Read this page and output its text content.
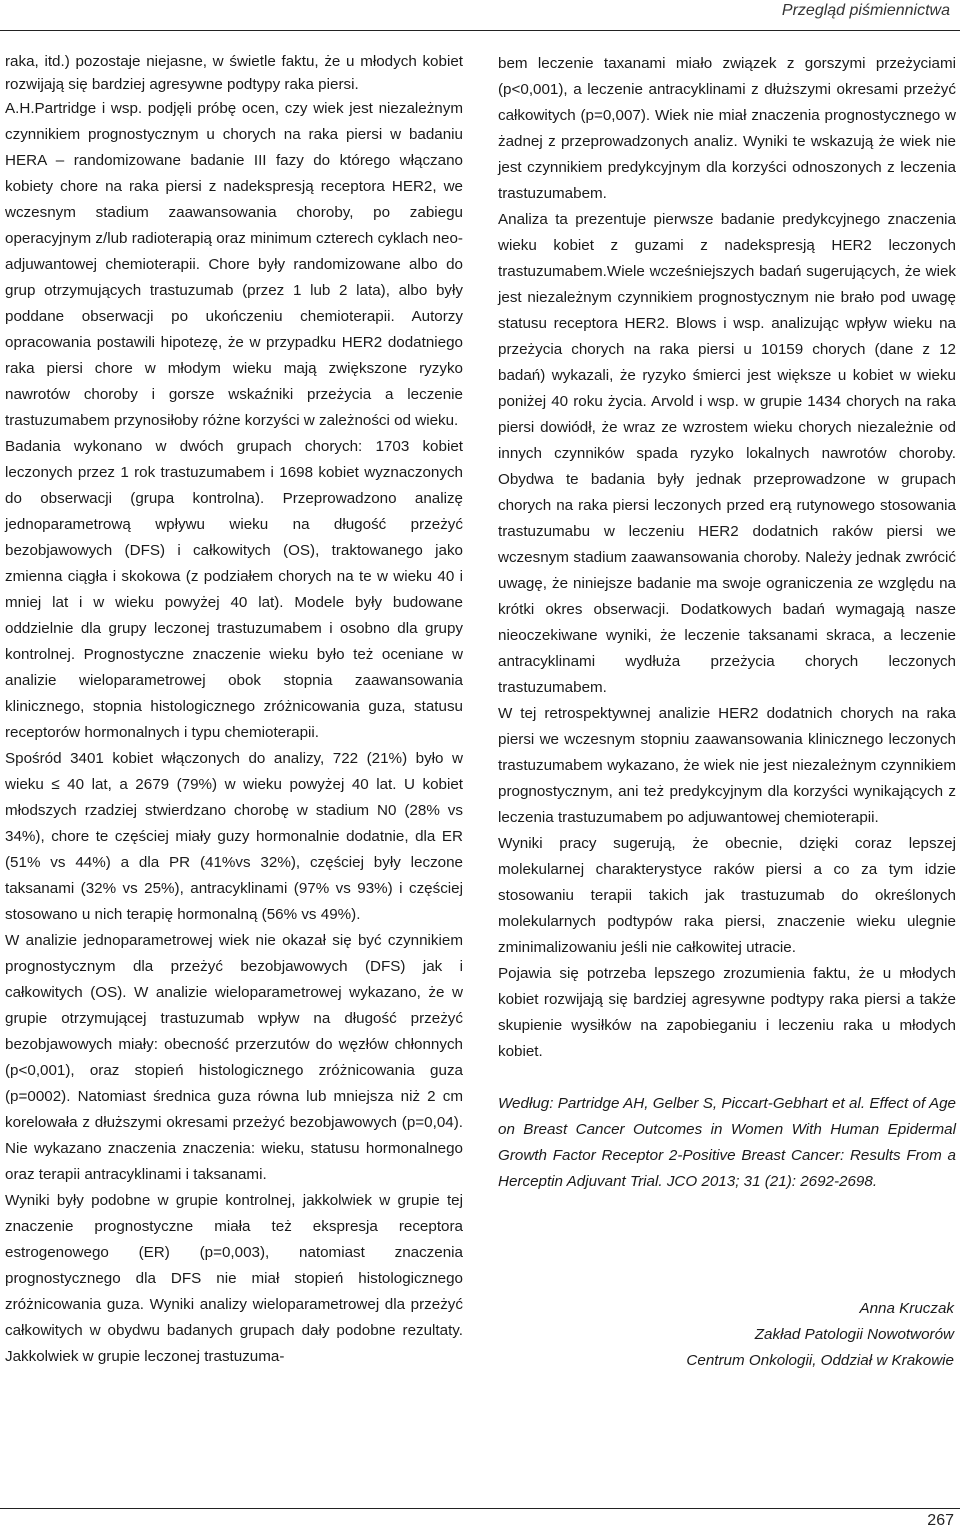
Przegląd piśmiennictwa

raka, itd.) pozostaje niejasne, w świetle faktu, że u młodych kobiet rozwijają się bardziej agresywne podtypy raka piersi.

A.H.Partridge i wsp. podjęli próbę ocen, czy wiek jest niezależnym czynnikiem prognostycznym u chorych na raka piersi w badaniu HERA – randomizowane badanie III fazy do którego włączano kobiety chore na raka piersi z nadekspresją receptora HER2, we wczesnym stadium zaawansowania choroby, po zabiegu operacyjnym z/lub radioterapią oraz minimum czterech cyklach neo-adjuwantowej chemioterapii. Chore były randomizowane albo do grup otrzymujących trastuzumab (przez 1 lub 2 lata), albo były poddane obserwacji po ukończeniu chemioterapii. Autorzy opracowania postawili hipotezę, że w przypadku HER2 dodatniego raka piersi chore w młodym wieku mają zwiększone ryzyko nawrotów choroby i gorsze wskaźniki przeżycia a leczenie trastuzumabem przynosiłoby różne korzyści w zależności od wieku.

Badania wykonano w dwóch grupach chorych: 1703 kobiet leczonych przez 1 rok trastuzumabem i 1698 kobiet wyznaczonych do obserwacji (grupa kontrolna). Przeprowadzono analizę jednoparametrową wpływu wieku na długość przeżyć bezobjawowych (DFS) i całkowitych (OS), traktowanego jako zmienna ciągła i skokowa (z podziałem chorych na te w wieku 40 i mniej lat i w wieku powyżej 40 lat). Modele były budowane oddzielnie dla grupy leczonej trastuzumabem i osobno dla grupy kontrolnej. Prognostyczne znaczenie wieku było też oceniane w analizie wieloparametrowej obok stopnia zaawansowania klinicznego, stopnia histologicznego zróżnicowania guza, statusu receptorów hormonalnych i typu chemioterapii.

Spośród 3401 kobiet włączonych do analizy, 722 (21%) było w wieku ≤ 40 lat, a 2679 (79%) w wieku powyżej 40 lat. U kobiet młodszych rzadziej stwierdzano chorobę w stadium N0 (28% vs 34%), chore te częściej miały guzy hormonalnie dodatnie, dla ER (51% vs 44%) a dla PR (41%vs 32%), częściej były leczone taksanami (32% vs 25%), antracyklinami (97% vs 93%) i częściej stosowano u nich terapię hormonalną (56% vs 49%).

W analizie jednoparametrowej wiek nie okazał się być czynnikiem prognostycznym dla przeżyć bezobjawowych (DFS) jak i całkowitych (OS). W analizie wieloparametrowej wykazano, że w grupie otrzymującej trastuzumab wpływ na długość przeżyć bezobjawowych miały: obecność przerzutów do węzłów chłonnych (p<0,001), oraz stopień histologicznego zróżnicowania guza (p=0002). Natomiast średnica guza równa lub mniejsza niż 2 cm korelowała z dłuższymi okresami przeżyć bezobjawowych (p=0,04). Nie wykazano znaczenia znaczenia: wieku, statusu hormonalnego oraz terapii antracyklinami i taksanami.

Wyniki były podobne w grupie kontrolnej, jakkolwiek w grupie tej znaczenie prognostyczne miała też ekspresja receptora estrogenowego (ER) (p=0,003), natomiast znaczenia prognostycznego dla DFS nie miał stopień histologicznego zróżnicowania guza. Wyniki analizy wieloparametrowej dla przeżyć całkowitych w obydwu badanych grupach dały podobne rezultaty. Jakkolwiek w grupie leczonej trastuzuma-

bem leczenie taxanami miało związek z gorszymi przeżyciami (p<0,001), a leczenie antracyklinami z dłuższymi okresami przeżyć całkowitych (p=0,007). Wiek nie miał znaczenia prognostycznego w żadnej z przeprowadzonych analiz. Wyniki te wskazują że wiek nie jest czynnikiem predykcyjnym dla korzyści odnoszonych z leczenia trastuzumabem.

Analiza ta prezentuje pierwsze badanie predykcyjnego znaczenia wieku kobiet z guzami z nadekspresją HER2 leczonych trastuzumabem.Wiele wcześniejszych badań sugerujących, że wiek jest niezależnym czynnikiem prognostycznym nie brało pod uwagę statusu receptora HER2. Blows i wsp. analizując wpływ wieku na przeżycia chorych na raka piersi u 10159 chorych (dane z 12 badań) wykazali, że ryzyko śmierci jest większe u kobiet w wieku poniżej 40 roku życia. Arvold i wsp. w grupie 1434 chorych na raka piersi dowiódł, że wraz ze wzrostem wieku chorych niezależnie od innych czynników spada ryzyko lokalnych nawrotów choroby. Obydwa te badania były jednak przeprowadzone w grupach chorych na raka piersi leczonych przed erą rutynowego stosowania trastuzumabu w leczeniu HER2 dodatnich raków piersi we wczesnym stadium zaawansowania choroby. Należy jednak zwrócić uwagę, że niniejsze badanie ma swoje ograniczenia ze względu na krótki okres obserwacji. Dodatkowych badań wymagają nasze nieoczekiwane wyniki, że leczenie taksanami skraca, a leczenie antracyklinami wydłuża przeżycia chorych leczonych trastuzumabem.

W tej retrospektywnej analizie HER2 dodatnich chorych na raka piersi we wczesnym stopniu zaawansowania klinicznego leczonych trastuzumabem wykazano, że wiek nie jest niezależnym czynnikiem prognostycznym, ani też predykcyjnym dla korzyści wynikających z leczenia trastuzumabem po adjuwantowej chemioterapii.

Wyniki pracy sugerują, że obecnie, dzięki coraz lepszej molekularnej charakterystyce raków piersi a co za tym idzie stosowaniu terapii takich jak trastuzumab do określonych molekularnych podtypów raka piersi, znaczenie wieku ulegnie zminimalizowaniu jeśli nie całkowitej utracie.

Pojawia się potrzeba lepszego zrozumienia faktu, że u młodych kobiet rozwijają się bardziej agresywne podtypy raka piersi a także skupienie wysiłków na zapobieganiu i leczeniu raka u młodych kobiet.

Według: Partridge AH, Gelber S, Piccart-Gebhart et al. Effect of Age on Breast Cancer Outcomes in Women With Human Epidermal Growth Factor Receptor 2-Positive Breast Cancer: Results From a Herceptin Adjuvant Trial. JCO 2013; 31 (21): 2692-2698.

Anna Kruczak
Zakład Patologii Nowotworów
Centrum Onkologii, Oddział w Krakowie
267
